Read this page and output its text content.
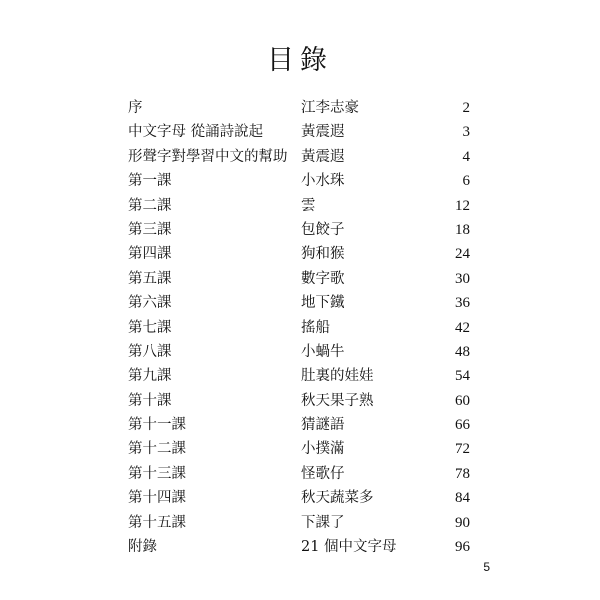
目錄
序	江李志豪	2
中文字母 從誦詩說起	黃震遐	3
形聲字對學習中文的幫助 黃震遐	4
第一課	小水珠	6
第二課	雲	12
第三課	包餃子	18
第四課	狗和猴	24
第五課	數字歌	30
第六課	地下鐵	36
第七課	搖船	42
第八課	小蝸牛	48
第九課	肚裏的娃娃	54
第十課	秋天果子熟	60
第十一課	猜謎語	66
第十二課	小撲滿	72
第十三課	怪歌仔	78
第十四課	秋天蔬菜多	84
第十五課	下課了	90
附錄	21 個中文字母	96
5
